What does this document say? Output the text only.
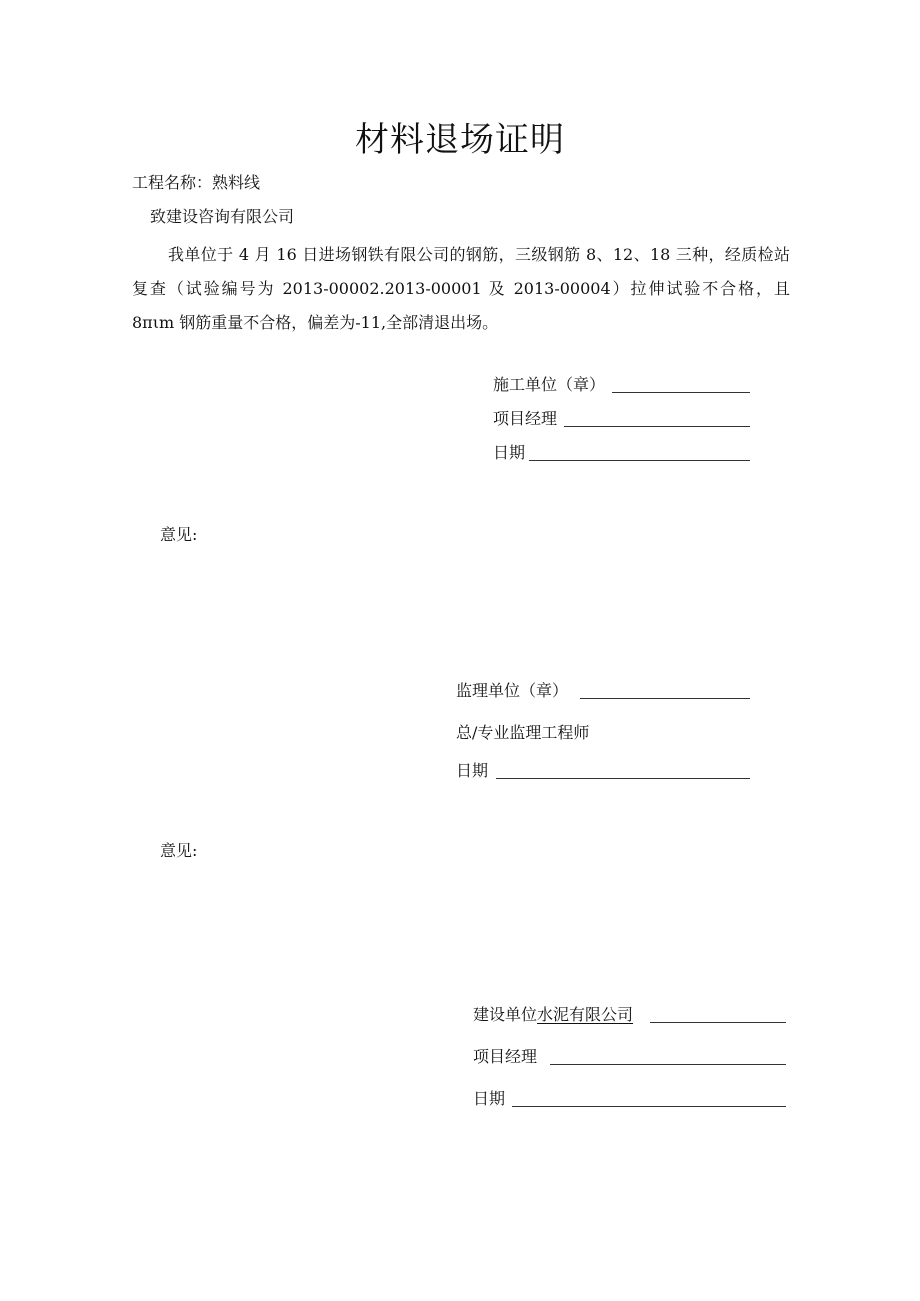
材料退场证明
工程名称：熟料线
致建设咨询有限公司
我单位于 4 月 16 日进场钢铁有限公司的钢筋，三级钢筋 8、12、18 三种，经质检站复查（试验编号为 2013-00002.2013-00001 及 2013-00004）拉伸试验不合格，且 8πιm 钢筋重量不合格，偏差为-11,全部清退出场。
施工单位（章）
项目经理
日期
意见:
监理单位（章）
总/专业监理工程师
日期
意见:
建设单位水泥有限公司
项目经理
日期
